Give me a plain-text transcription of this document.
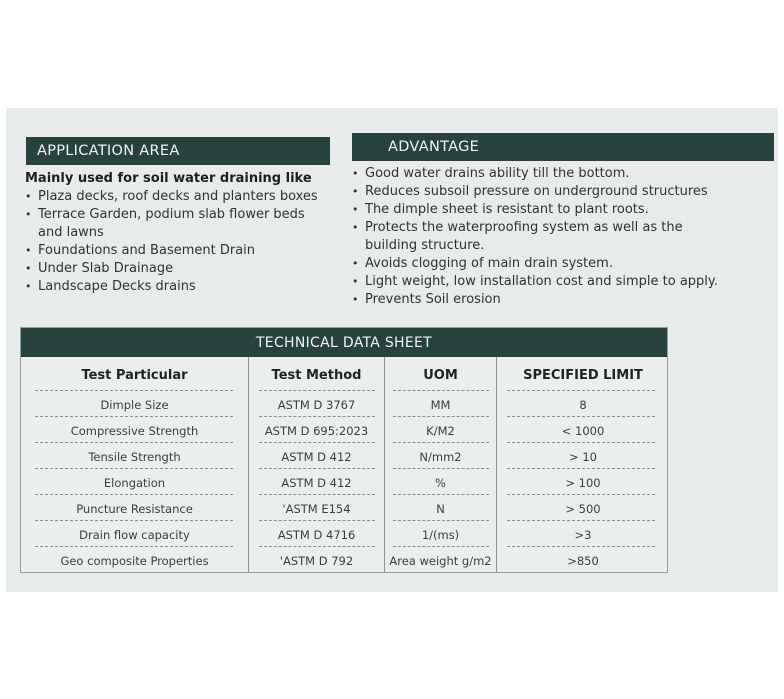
APPLICATION AREA
Mainly used for soil water draining like
• Plaza decks, roof decks and planters boxes
• Terrace Garden, podium slab flower beds and lawns
• Foundations and Basement Drain
• Under Slab Drainage
• Landscape Decks drains
ADVANTAGE
• Good water drains ability till the bottom.
• Reduces subsoil pressure on underground structures
• The dimple sheet is resistant to plant roots.
• Protects the waterproofing system as well as the building structure.
• Avoids clogging of main drain system.
• Light weight, low installation cost and simple to apply.
• Prevents Soil erosion
TECHNICAL DATA SHEET
Test Particular	Test Method	UOM	SPECIFIED LIMIT
Dimple Size	ASTM D 3767	MM	8
Compressive Strength	ASTM D 695:2023	K/M2	< 1000
Tensile Strength	ASTM D 412	N/mm2	> 10
Elongation	ASTM D 412	%	> 100
Puncture Resistance	'ASTM E154	N	> 500
Drain flow capacity	ASTM D 4716	1/(ms)	>3
Geo composite Properties	'ASTM D 792	Area weight g/m2	>850
